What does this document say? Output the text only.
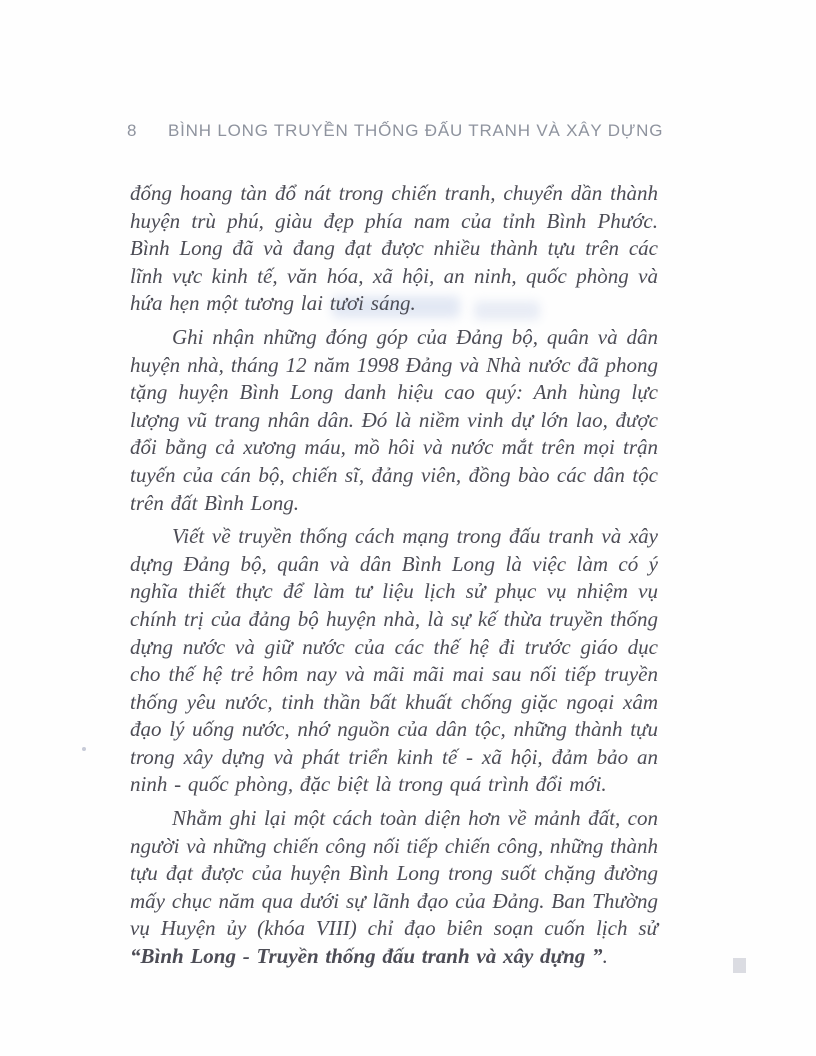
8	BÌNH LONG TRUYỀN THỐNG ĐẤU TRANH VÀ XÂY DỰNG

đống hoang tàn đổ nát trong chiến tranh, chuyển dần thành huyện trù phú, giàu đẹp phía nam của tỉnh Bình Phước. Bình Long đã và đang đạt được nhiều thành tựu trên các lĩnh vực kinh tế, văn hóa, xã hội, an ninh, quốc phòng và hứa hẹn một tương lai tươi sáng.

Ghi nhận những đóng góp của Đảng bộ, quân và dân huyện nhà, tháng 12 năm 1998 Đảng và Nhà nước đã phong tặng huyện Bình Long danh hiệu cao quý: Anh hùng lực lượng vũ trang nhân dân. Đó là niềm vinh dự lớn lao, được đổi bằng cả xương máu, mồ hôi và nước mắt trên mọi trận tuyến của cán bộ, chiến sĩ, đảng viên, đồng bào các dân tộc trên đất Bình Long.

Viết về truyền thống cách mạng trong đấu tranh và xây dựng Đảng bộ, quân và dân Bình Long là việc làm có ý nghĩa thiết thực để làm tư liệu lịch sử phục vụ nhiệm vụ chính trị của đảng bộ huyện nhà, là sự kế thừa truyền thống dựng nước và giữ nước của các thế hệ đi trước giáo dục cho thế hệ trẻ hôm nay và mãi mãi mai sau nối tiếp truyền thống yêu nước, tinh thần bất khuất chống giặc ngoại xâm đạo lý uống nước, nhớ nguồn của dân tộc, những thành tựu trong xây dựng và phát triển kinh tế - xã hội, đảm bảo an ninh - quốc phòng, đặc biệt là trong quá trình đổi mới.

Nhằm ghi lại một cách toàn diện hơn về mảnh đất, con người và những chiến công nối tiếp chiến công, những thành tựu đạt được của huyện Bình Long trong suốt chặng đường mấy chục năm qua dưới sự lãnh đạo của Đảng. Ban Thường vụ Huyện ủy (khóa VIII) chỉ đạo biên soạn cuốn lịch sử “Bình Long - Truyền thống đấu tranh và xây dựng ”.
